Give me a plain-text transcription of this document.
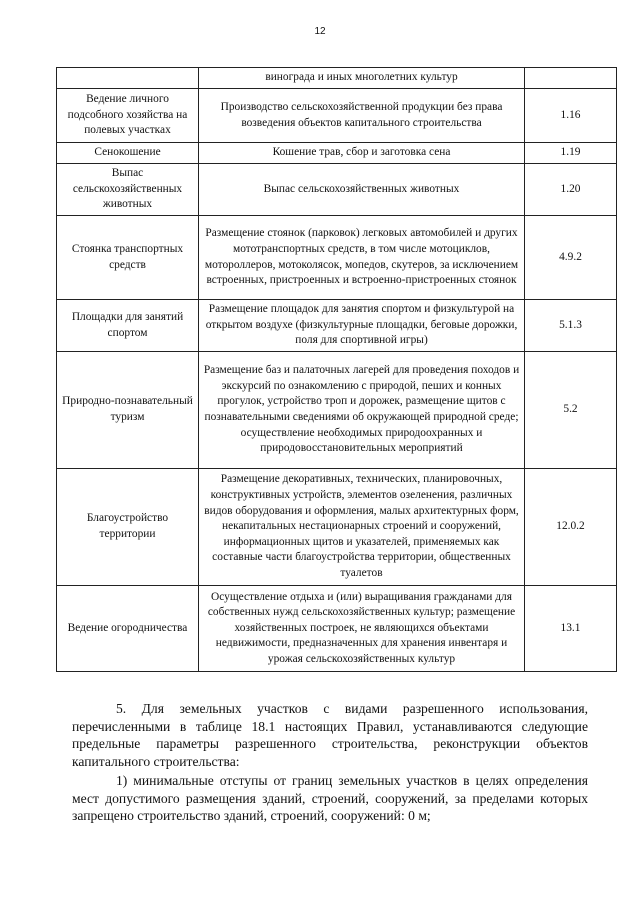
12
	винограда и иных многолетних культур	
Ведение личного подсобного хозяйства на полевых участках	Производство сельскохозяйственной продукции без права возведения объектов капитального строительства	1.16
Сенокошение	Кошение трав, сбор и заготовка сена	1.19
Выпас сельскохозяйственных животных	Выпас сельскохозяйственных животных	1.20
Стоянка транспортных средств	Размещение стоянок (парковок) легковых автомобилей и других мототранспортных средств, в том числе мотоциклов, мотороллеров, мотоколясок, мопедов, скутеров, за исключением встроенных, пристроенных и встроенно-пристроенных стоянок	4.9.2
Площадки для занятий спортом	Размещение площадок для занятия спортом и физкультурой на открытом воздухе (физкультурные площадки, беговые дорожки, поля для спортивной игры)	5.1.3
Природно-познавательный туризм	Размещение баз и палаточных лагерей для проведения походов и экскурсий по ознакомлению с природой, пеших и конных прогулок, устройство троп и дорожек, размещение щитов с познавательными сведениями об окружающей природной среде; осуществление необходимых природоохранных и природовосстановительных мероприятий	5.2
Благоустройство территории	Размещение декоративных, технических, планировочных, конструктивных устройств, элементов озеленения, различных видов оборудования и оформления, малых архитектурных форм, некапитальных нестационарных строений и сооружений, информационных щитов и указателей, применяемых как составные части благоустройства территории, общественных туалетов	12.0.2
Ведение огородничества	Осуществление отдыха и (или) выращивания гражданами для собственных нужд сельскохозяйственных культур; размещение хозяйственных построек, не являющихся объектами недвижимости, предназначенных для хранения инвентаря и урожая сельскохозяйственных культур	13.1
5. Для земельных участков с видами разрешенного использования, перечисленными в таблице 18.1 настоящих Правил, устанавливаются следующие предельные параметры разрешенного строительства, реконструкции объектов капитального строительства:
1) минимальные отступы от границ земельных участков в целях определения мест допустимого размещения зданий, строений, сооружений, за пределами которых запрещено строительство зданий, строений, сооружений: 0 м;
